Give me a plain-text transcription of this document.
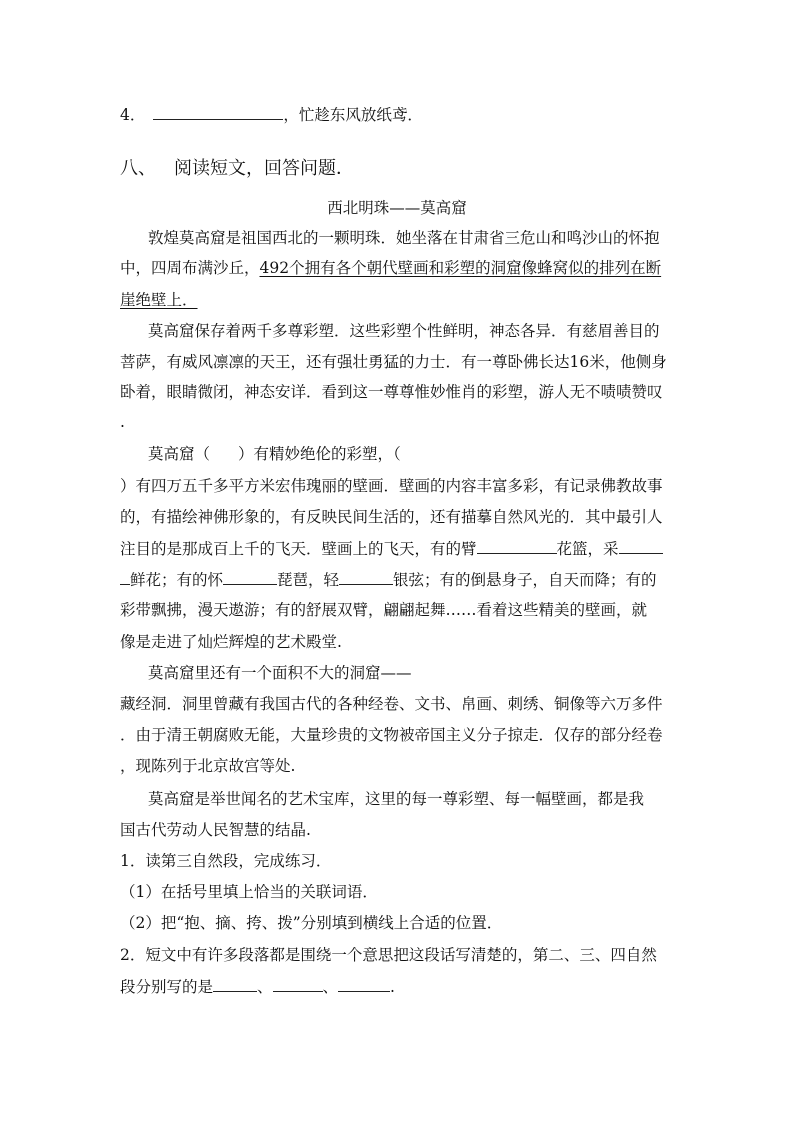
4．	，忙趁东风放纸鸢．
八、 阅读短文，回答问题．
西北明珠——莫高窟
敦煌莫高窟是祖国西北的一颗明珠．她坐落在甘肃省三危山和鸣沙山的怀抱
中，四周布满沙丘，492个拥有各个朝代壁画和彩塑的洞窟像蜂窝似的排列在断
崖绝壁上．
莫高窟保存着两千多尊彩塑．这些彩塑个性鲜明，神态各异．有慈眉善目的
菩萨，有威风凛凛的天王，还有强壮勇猛的力士．有一尊卧佛长达16米，他侧身
卧着，眼睛微闭，神态安详．看到这一尊尊惟妙惟肖的彩塑，游人无不啧啧赞叹
.
莫高窟（ ）有精妙绝伦的彩塑，（
）有四万五千多平方米宏伟瑰丽的壁画．壁画的内容丰富多彩，有记录佛教故事
的，有描绘神佛形象的，有反映民间生活的，还有描摹自然风光的．其中最引人
注目的是那成百上千的飞天．壁画上的飞天，有的臂	花篮，采
鲜花；有的怀	琵琶，轻	银弦；有的倒悬身子，自天而降；有的
彩带飘拂，漫天遨游；有的舒展双臂，翩翩起舞……看着这些精美的壁画，就
像是走进了灿烂辉煌的艺术殿堂.
莫高窟里还有一个面积不大的洞窟——
藏经洞．洞里曾藏有我国古代的各种经卷、文书、帛画、刺绣、铜像等六万多件
．由于清王朝腐败无能，大量珍贵的文物被帝国主义分子掠走．仅存的部分经卷
，现陈列于北京故宫等处.
莫高窟是举世闻名的艺术宝库，这里的每一尊彩塑、每一幅壁画，都是我
国古代劳动人民智慧的结晶.
1．读第三自然段，完成练习．
（1）在括号里填上恰当的关联词语．
（2）把“抱、摘、挎、拨”分别填到横线上合适的位置．
2．短文中有许多段落都是围绕一个意思把这段话写清楚的，第二、三、四自然
段分别写的是	、	、	.
